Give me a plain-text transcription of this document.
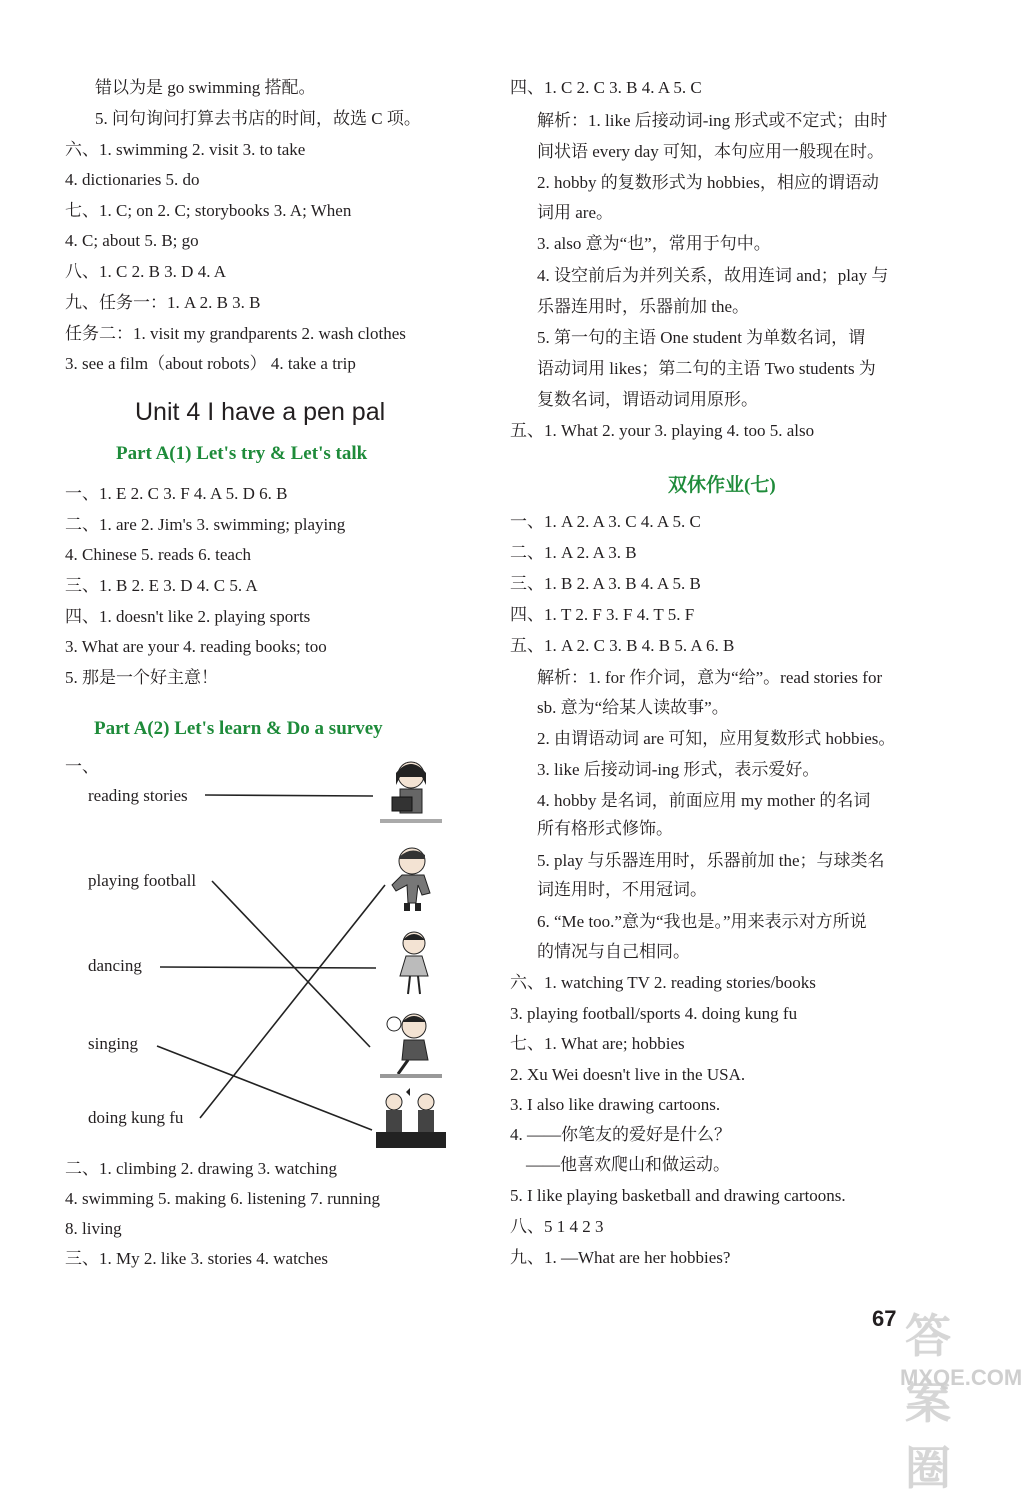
错以为是 go swimming 搭配。
5. 问句询问打算去书店的时间，故选 C 项。
六、1. swimming 2. visit 3. to take
4. dictionaries 5. do
七、1. C; on 2. C; storybooks 3. A; When
4. C; about 5. B; go
八、1. C 2. B 3. D 4. A
九、任务一：1. A 2. B 3. B
任务二：1. visit my grandparents 2. wash clothes
3. see a film（about robots） 4. take a trip
Unit 4 I have a pen pal
Part A(1) Let's try & Let's talk
一、1. E 2. C 3. F 4. A 5. D 6. B
二、1. are 2. Jim's 3. swimming; playing
4. Chinese 5. reads 6. teach
三、1. B 2. E 3. D 4. C 5. A
四、1. doesn't like 2. playing sports
3. What are your 4. reading books; too
5. 那是一个好主意！
Part A(2) Let's learn & Do a survey
一、
reading stories
playing football
dancing
singing
doing kung fu
二、1. climbing 2. drawing 3. watching
4. swimming 5. making 6. listening 7. running
8. living
三、1. My 2. like 3. stories 4. watches
四、1. C 2. C 3. B 4. A 5. C
解析：1. like 后接动词-ing 形式或不定式；由时
间状语 every day 可知，本句应用一般现在时。
2. hobby 的复数形式为 hobbies，相应的谓语动
词用 are。
3. also 意为“也”，常用于句中。
4. 设空前后为并列关系，故用连词 and；play 与
乐器连用时，乐器前加 the。
5. 第一句的主语 One student 为单数名词，谓
语动词用 likes；第二句的主语 Two students 为
复数名词，谓语动词用原形。
五、1. What 2. your 3. playing 4. too 5. also
双休作业(七)
一、1. A 2. A 3. C 4. A 5. C
二、1. A 2. A 3. B
三、1. B 2. A 3. B 4. A 5. B
四、1. T 2. F 3. F 4. T 5. F
五、1. A 2. C 3. B 4. B 5. A 6. B
解析：1. for 作介词，意为“给”。read stories for
sb. 意为“给某人读故事”。
2. 由谓语动词 are 可知，应用复数形式 hobbies。
3. like 后接动词-ing 形式，表示爱好。
4. hobby 是名词，前面应用 my mother 的名词
所有格形式修饰。
5. play 与乐器连用时，乐器前加 the；与球类名
词连用时，不用冠词。
6. “Me too.”意为“我也是。”用来表示对方所说
的情况与自己相同。
六、1. watching TV 2. reading stories/books
3. playing football/sports 4. doing kung fu
七、1. What are; hobbies
2. Xu Wei doesn't live in the USA.
3. I also like drawing cartoons.
4. ——你笔友的爱好是什么？
——他喜欢爬山和做运动。
5. I like playing basketball and drawing cartoons.
八、5 1 4 2 3
九、1. —What are her hobbies?
67 答案圈
MXQE.COM
